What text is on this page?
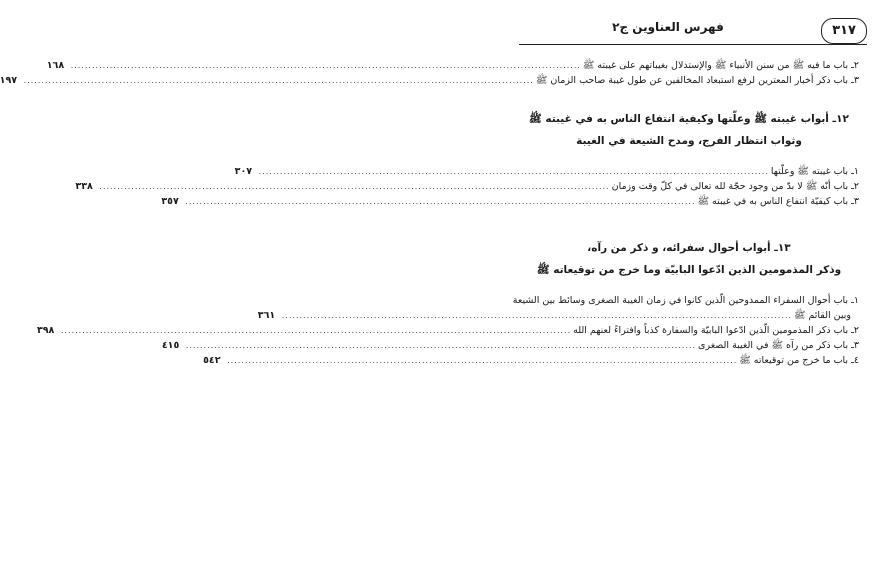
٣١٧
فهرس العناوين ج٢
٢ـ باب ما فيه ﷺ من سنن الأنبياء ﷺ والإستدلال بغيباتهم على غيبته ﷺ
.....
١٦٨
٣ـ باب ذكر أخبار المعترين لرفع استبعاد المخالفين عن طول غيبة صاحب الزمان ﷺ
.....
١٩٧
١٢ـ أبواب غيبته ﷺ وعلّتها وكيفية انتفاع الناس به في غيبته ﷺ
وثواب انتظار الفرج، ومدح الشيعة في الغيبة
١ـ باب غيبته ﷺ وعلّتها
.....
٣٠٧
٢ـ باب أنّه ﷺ لا بدّ من وجود حجّة لله تعالى في كلّ وقت وزمان
.....
٣٣٨
٣ـ باب كيفيّة انتفاع الناس به في غيبته ﷺ
.....
٣٥٧
١٣ـ أبواب أحوال سفرائه، و ذكر من رآه،
وذكر المذمومين الذين ادّعوا البابيّة وما خرج من توقيعاته ﷺ
١ـ باب أحوال السفراء الممدوحين الّذين كانوا في زمان الغيبة الصغرى وسائط بين الشيعة
وبين القائم ﷺ
.....
٣٦١
٢ـ باب ذكر المذمومين الّذين ادّعوا البابيّة والسفارة كذباً وافتراءً لعنهم الله
.....
٣٩٨
٣ـ باب ذكر من رآه ﷺ في الغيبة الصغرى
.....
٤١٥
٤ـ باب ما خرج من توقيعاته ﷺ
.....
٥٤٢
